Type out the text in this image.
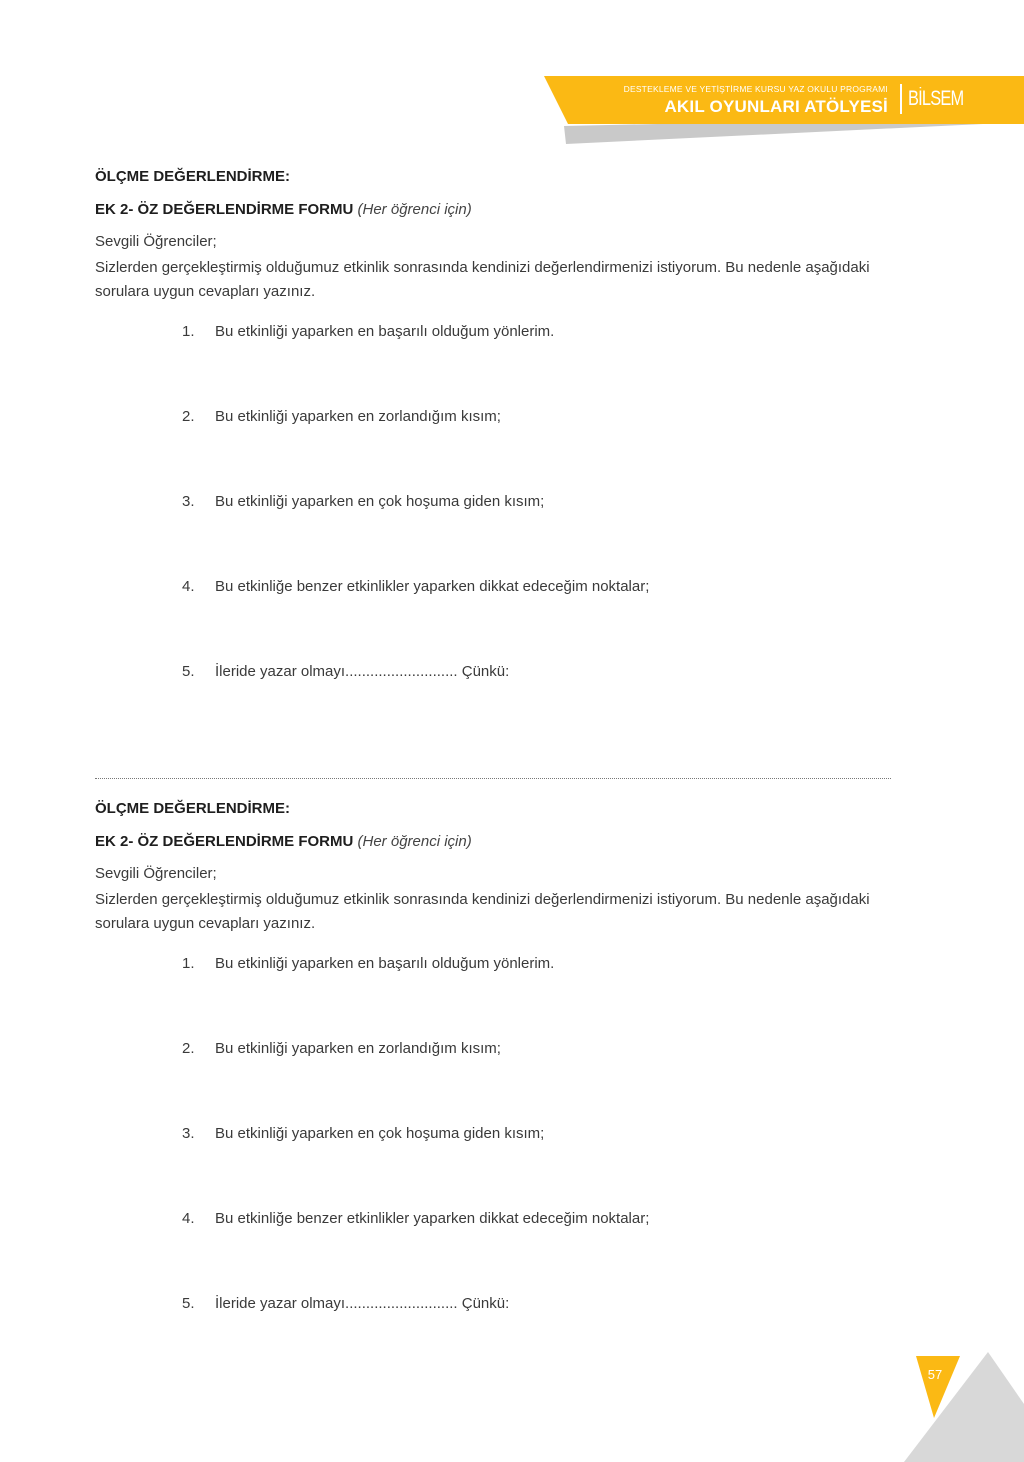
DESTEKLEME VE YETİŞTİRME KURSU YAZ OKULU PROGRAMI
AKIL OYUNLARI ATÖLYESİ BİLSEM
ÖLÇME DEĞERLENDİRME:
EK 2- ÖZ DEĞERLENDİRME FORMU (Her öğrenci için)
Sevgili Öğrenciler;
Sizlerden gerçekleştirmiş olduğumuz etkinlik sonrasında kendinizi değerlendirmenizi istiyorum. Bu nedenle aşağıdaki sorulara uygun cevapları yazınız.
1. Bu etkinliği yaparken en başarılı olduğum yönlerim.
2. Bu etkinliği yaparken en zorlandığım kısım;
3. Bu etkinliği yaparken en çok hoşuma giden kısım;
4. Bu etkinliğe benzer etkinlikler yaparken dikkat edeceğim noktalar;
5. İleride yazar olmayı........................... Çünkü:
ÖLÇME DEĞERLENDİRME:
EK 2- ÖZ DEĞERLENDİRME FORMU (Her öğrenci için)
Sevgili Öğrenciler;
Sizlerden gerçekleştirmiş olduğumuz etkinlik sonrasında kendinizi değerlendirmenizi istiyorum. Bu nedenle aşağıdaki sorulara uygun cevapları yazınız.
1. Bu etkinliği yaparken en başarılı olduğum yönlerim.
2. Bu etkinliği yaparken en zorlandığım kısım;
3. Bu etkinliği yaparken en çok hoşuma giden kısım;
4. Bu etkinliğe benzer etkinlikler yaparken dikkat edeceğim noktalar;
5. İleride yazar olmayı........................... Çünkü:
57
